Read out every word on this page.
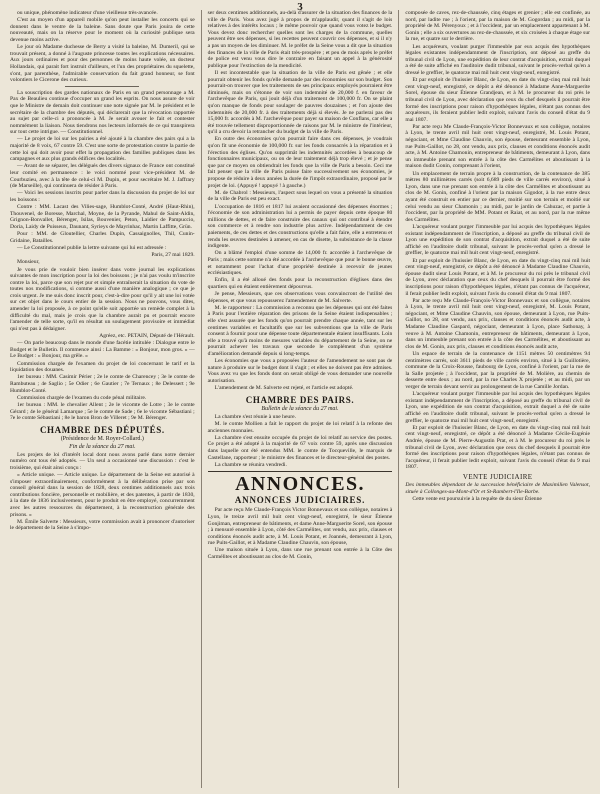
3

ou unique, phénomène indicateur d'une vieillesse très-avancée.

C'est au moyen d'un appareil mobile qu'on peut installer les concerts qui se donnent dans le ventre de la baleine. Sans doute que Paris jouira de cette nouveauté, mais on la réserve pour le moment où la curiosité publique sera devenue moins active.

Le jour où Madame duchesse de Berry a visité la baleine, M. Dumeril, qui se trouvait présent, a donné à l'auguste princesse toutes les explications nécessaires. Aux jours ordinaires et pour des personnes de moins haute volée, un docteur Hollandais, qui parait fort instruit d'ailleurs, et l'un des propriétaires du squelette, s'ont, par parenthèse, l'admirable conservation du fait grand honneur, se font volontiers le Cicerone des curieux.

La souscription des gardes nationaux de Paris en un grand personnage a M. Pax de Beaulieu continue d'occuper un grand les esprits. On nous assure de voir que le Ministre de demain doit continuer une note signée par M. le président et le secrétaire de la chambre des députés, qui déclarerait que la révocation rapportée au sujet par celle-ci a prononcée à M. Je serait avouer le fait et contester nommément la liaison. Nous tiendrons nos lecteurs informés de ce qui transpirera sur tout cette intrigue. — Constitutionnel.

— Le projet de loi sur les pairies a été ajouté à la chambre des pairs qui a la majorité de 8 voix, 67 contre 59. C'est une sorte de protestation contre la partie de cette loi qui doit avoir pour effet la propagation des familles publiques dans les campagnes et aux plus grands édifices des localités.

— Avant de se séparer, les délégués des divers signaux de France ont constitué leur comité en permanence : le voici nommé pour vice-président M. de Courbuzieu, avec à la tête de celui-ci M. Dupin, et pour secrétaire M. J. Jaffrary (de Marseille), qui continuera de résider à Paris.

— Voici les sessions inscrits pour parler dans la discussion du projet de loi sur les boissons :

Contre : MM. Lacast des Vilies-sage, Humblot-Conté, André (Haut-Rhin), Thouvenel, de Boresse, Marchal, Moyne, de la Pyrande, Mahul de Saint-Aldin, Grignon-Bonvallet, Bérenger, Isilas, Bouvenier, Peton, Laidier de Pampuccio, Doria, Laidy de Puisseux, Daunant, Syrieys de Mayrinhac, Martin Laffitte, Grün.

Pour : MM. de Gloutellier, Charles Dupin, Cassaignolles, Thil, Cunin-Gridaine, Batailles.

— Le Constitutionnel publie la lettre suivante qui lui est adressée :

Paris, 27 mai 1829.

Monsieur,

Je vous prie de vouloir bien insérer dans votre journal les explications suivantes de mon inscription pour la loi des boissons ; je n'ai pas voulu m'inscrire contre la loi, parce que son rejet pur et simple entraînerait la situation du vote de toutes nos modifications, si comme aussi d'une manière analogique ; ce que je crois urgent. Je me suis donc inscrit pour, c'est-à-dire pour qu'il y ait une loi votée sur cet objet dans le cours entier de la session. Nous ne pouvons, vous dites, amender la loi proposée, à ce point qu'elle soit apportée un remède complet à la difficulté du mal, mais je crois que la chambre aurait pu et pourrait encore l'amender de telle sorte, qu'il en résultat un soulagement provisoire et immédiat qui n'est pas à dédaigner.

Agréez, etc. PETAIN, Député de l'Hérault.

— On parle beaucoup dans le monde d'une facétie intitulée : Dialogue entre le Budget et le Bulletin. Il commence ainsi : La Bamme : « Bonjour, mon gros. » — Le Budget : « Bonjour, ma grêle. »

Commission chargée de l'examen du projet de loi concernant le tarif et la liquidation des douanes.

1er bureau : MM. Casimir Périer ; 2e le comte de Charencey ; 3e le comte de Rambuteau ; 4e Saglio ; 5e Odier ; 6e Gautier ; 7e Ternaux ; 8e Delessert ; 9e Humblot-Conté.

Commission chargée de l'examen du code pénal militaire.

1er bureau : MM. le chevalier Allent ; 2e le vicomte de Lotre ; 3e le comte Gérard ; 4e le général Lamarque ; 5e le comte de Sade ; 6e le vicomte Sébastiani ; 7e le comte Sébastiani ; 8e le baron Bron de Villeret ; 9e M. Bérenger.

CHAMBRE DES DÉPUTÉS.
(Présidence de M. Royer-Collard.)
Fin de la séance du 27 mai.

Les projets de loi d'intérêt local dont nous avons parlé dans notre dernier numéro ont tous été adoptés. — Un seul a occasionné une discussion : c'est le troisième, qui était ainsi conçu :

« Article unique. — Article unique. Le département de la Seine est autorisé à s'imposer extraordinairement, conformément à la délibération prise par son conseil général dans la session de 1828, deux centimes additionnels aux trois contributions foncière, personnelle et mobilière, et des patentes, à partir de 1830, à la date de 1836 inclusivement, pour le produit en être employé, concurremment avec les autres ressources du département, à la reconstruction générale des prisons. »

M. Émile Salverte : Messieurs, votre commission avait à prononcer d'autoriser le département de la Seine à s'impo-

ser deux centimes additionnels, au-delà d'assurer de la situation des finances de la ville de Paris. Vous avez jugé à propos de m'applaudir, quant il s'agit de lois relatives à des intérêts locaux ; le même pouvoir que quand vous votez le budget. Vous devez donc rechercher quelles sont les charges de la commune, quelles peuvent être ses dépenses, si les recettes peuvent couvrir ces dépenses, et si il n'y a pas un moyen de les diminuer. M. le préfet de la Seine vous a dit que la situation des finances de la ville de Paris était très-prospère ; et peu de mois après le préfet de police est venu vous dire le contraire en faisant un appel à la générosité publique pour l'extinction de la mendicité.

Il est incontestable que la situation de la ville de Paris est gênée ; et elle pourrait obtenir les fonds qu'elle demande par des économies sur son budget. Son pourrait-on trouver que les traitements de ses principaux employés pourraient être diminués, mais on s'étonne de voir son indemnité de 20,000 f. en faveur de l'archevêque de Paris, qui jouit déjà d'un traitement de 100,000 fr. On se plaint qu'on manque de fonds pour soulager de pauvres douzaines ; et l'on ajoute des indemnités de 20,000 fr. à des traitements déjà si élevés. Je ne parlerai pas des 15,000 fr. accordés à M. l'archevêque pour payer sa maison de Conflans, car elle a été trouvée tellement disproportionnée de raisons par M. le ministre de l'intérieur, qu'il a cru devoir la retrancher du budget de la ville de Paris.

En outre des économies qu'on pourrait faire dans ces dépenses, je voudrais qu'on fit une économie de 100,000 fr. sur les fonds consacrés à la réparation et à l'érection des églises. Qu'on supprimât les indemnités accordées à beaucoup de fonctionnaires municipaux, ou on de leur traitement déjà trop élevé ; et je pense que par ce moyen on obtiendrait les fonds que la ville de Paris a besoin. Ceci me fait penser que la ville de Paris puisse faire successivement ses économies, je propose de réduire à deux années la durée de l'impôt extraordinaire, proposé par le projet de loi. (Appuyé ! appuyé ! à gauche.)

M. de Chabrol : Messieurs, l'aspect sous lequel on vous a présenté la situation de la ville de Paris est peu exact.

L'occupation de 1816 et 1817 lui avaient occasionné des dépenses énormes ; l'économie de son administration lui a permis de payer depuis cette époque 80 millions de dettes, et de faire construire des canaux qui ont contribué à étendre son commerce et à rendre son industrie plus active. Indépendamment de ces paiements, de ces dettes et des constructions qu'elle a fait faire, elle a entretenu et rendu les œuvres destinées à amener, en cas de disette, la subsistance de la classe indigente.

On a blâmé l'emploi d'une somme de 14,000 fr. accordée à l'archevêque de Paris ; mais cette somme n'a été accordée à l'archevêque que pour le bonne œuvre, et notamment pour l'achat d'une propriété destinée à recevoir de jeunes ecclésiastiques.

Enfin, il a été alloué des fonds pour la reconstruction d'églises dans des quartiers qui en étaient entièrement dépourvus.

Je pense, Messieurs, que ces observations vous convaincront de l'utilité des dépenses, et que vous repousserez l'amendement de M. Salverte.

M. le rapporteur : La commission a reconnu que les dépenses qui ont été faites à Paris pour l'entière réparation des prisons de la Seine étaient indispensables ; elle s'est assurée que les fonds qu'on pourrait prendre chaque année, tant sur les centimes variables et facultatifs que sur les subventions que la ville de Paris consent à fournir pour une dépense toute départementale étaient insuffisants. Loin elle a trouvé qu'à moins de mesures variables du département de la Seine, on ne pourrait achever les travaux que seconde le complément d'un système d'amélioration demandé depuis si long-temps.

Les économies que vous a proposées l'auteur de l'amendement ne sont pas de nature à produire sur le budget dont il s'agit ; et elles ne doivent pas être admises. Vous avez vu que les fonds dont on serait obligé de vous demander une nouvelle autorisation.

L'amendement de M. Salverte est rejeté, et l'article est adopté.

CHAMBRE DES PAIRS.
Bulletin de la séance du 27 mai.

La chambre s'est réunie à une heure.

M. le comte Mollien a fait le rapport du projet de loi relatif à la refonte des anciennes monnaies.

La chambre s'est ensuite occupée du projet de loi relatif au service des postes. Ce projet a été adopté à la majorité de 67 voix contre 59, après une discussion dans laquelle ont été entendus MM. le comte de Tocqueville, le marquis de Castellane, rapporteur ; le ministre des finances et le directeur-général des postes.

La chambre se réunira vendredi.

ANNONCES.
ANNONCES JUDICIAIRES.

Par acte reçu Me Claude-François Victor Bonnevaux et son collègue, notaires à Lyon, le treize avril mil huit cent vingt-neuf, enregistré, le sieur Étienne Gonjiman, entrepreneur de bâtiments, et dame Anne-Marguerite Sorel, son épouse ; à mensuré ensemble à Lyon, côté des Carmélites, ont vendu, aux prix, clauses et conditions énoncés audit acte, à M. Louis Potant, et Joannés, demeurant à Lyon, rue Puits-Gaillot, et à Madame Claudine Chauvin, son épouse,

Une maison située à Lyon, dans une rue prenant son entrée à la Côte des Carmélites et aboutissant au clos de M. Gonin,

composée de caves, rez-de-chaussée, cinq étages et grenier ; elle est confinée, au nord, par ladite rue ; à l'orient, par la maison de M. Gogordan ; au midi, par la propriété de M. Pérenyoux ; et à l'occident, par un emplacement appartenant à M. Gonin ; elle a six ouvertures au rez-de-chaussée, et six croisées à chaque étage sur la rue, et quatre sur le derrière.

Les acquéreurs, voulant purger l'immeuble par eux acquis des hypothèques légales existantes indépendamment de l'inscription, ont déposé au greffe du tribunal civil de Lyon, une expédition de leur contrat d'acquisition, extrait duquel a été de suite affiché en l'auditoire dudit tribunal, suivant le procès-verbal qu'en a dressé le greffier, le quatorze mai mil huit cent vingt-neuf, enregistré.

Et par exploit de l'huissier Blanc, de Lyon, en date du vingt-cinq mai mil huit cent vingt-neuf, enregistré, ce dépôt a été dénoncé à Madame Anne-Marguerite Sorel, épouse du sieur Étienne Grandjean, et à M. le procureur du roi près le tribunal civil de Lyon, avec déclaration que ceux du chef desquels il pourrait être formé des inscriptions pour raison d'hypothèques légales, n'étant pas connus des acquéreurs, ils feraient publier ledit exploit, suivant l'avis du conseil d'état du 9 mai 1807.

Par acte reçu Me Claude-François-Victor Bonnevaux et son collègue, notaires à Lyon, le trente avril mil huit cent vingt-neuf, enregistré, M. Louis Potant, négociant, et Mme Claudine Chauvin, son épouse, demeurant ensemble à Lyon, rue Puits-Gaillot, no 28, ont vendu, aux prix, clauses et conditions énoncés audit acte, à M. Antoine Chamonin, entrepreneur de bâtiments, demeurant à Lyon, dans un immeuble prenant son entrée à la côte des Carmélites et aboutissant à la maison dudit Gonin, comprenant à l'orient,

Un emplacement de terrain propre à la construction, de la contenance de 385 mètres 80 millimètres carrés (soit 6,689 pieds de ville carrés environ), situé à Lyon, dans une rue prenant son entrée à la côte des Carmélites et aboutissant au clos de M. Gonin, confiné à l'orient par la maison Gigodot, à la rue entre deux ayant été construit en entier par ce dernier, moitié sur son terrain et moitié sur celui vendu au sieur Chamonin ; au midi, par le jardin de Cahuzac, et partie à l'occident, par la propriété de MM. Potant et Raiat, et au nord, par la rue même des Carmélites.

L'acquéreur voulant purger l'immeuble par lui acquis des hypothèques légales existant indépendamment de l'inscription, a déposé au greffe du tribunal civil de Lyon une expédition de son contrat d'acquisition, extrait duquel a été de suite affiché en l'auditoire dudit tribunal, suivant le procès-verbal qu'en a dressé le greffier, le quatorze mai mil huit cent vingt-neuf, enregistré.

Et par exploit de l'huissier Blanc, de Lyon, en date du vingt-cinq mai mil huit cent vingt-neuf, enregistré, ce dépôt a été dénoncé à Madame Claudine Chauvin, épouse dudit sieur Louis Potant, et à M. le procureur du roi près le tribunal civil de Lyon, avec déclaration que ceux du chef desquels il pourrait être formé des inscriptions pour raison d'hypothèques légales, n'étant pas connus de l'acquéreur, il ferait publier ledit exploit, suivant l'avis du conseil d'état du 9 mai 1807.

Par acte reçu Me Claude-François-Victor Bonnevaux et son collègue, notaires à Lyon, le trente avril mil huit cent vingt-neuf, enregistré, M. Louis Potant, négociant, et Mme Claudine Chauvin, son épouse, demeurant à Lyon, rue Puits-Gaillot, no 28, ont vendu, aux prix, clauses et conditions énoncés audit acte, à Madame Claudine Gaspard, négociant, demeurant à Lyon, place Sathonay, à veuve à M. Antoine Chamonin, entrepreneur de bâtiments, demeurant à Lyon, dans un immeuble prenant son entrée à la côte des Carmélites, et aboutissant au clos de M. Gonin, aux prix, clauses et conditions énoncés audit acte,

Un espace de terrain de la contenance de 1151 mètres 50 centimètres 94 centimètres carrés, soit 3611 pieds de ville carrés environ, situé à la Guillotière, commune de la Croix-Rousse, faubourg de Lyon, confiné à l'orient, par la rue de la Salle projetée ; à l'occident, par la propriété de M. Molière, au chemin de desserte entre deux ; au nord, par la rue Charles X projetée ; et au midi, par un verger de terrain devant servir au prolongement de la rue Camille Jordan.

L'acquéreur voulant purger l'immeuble par lui acquis des hypothèques légales existant indépendamment de l'inscription, a déposé au greffe du tribunal civil de Lyon, une expédition de son contrat d'acquisition, extrait duquel a été de suite affiché en l'auditoire dudit tribunal, suivant le procès-verbal qu'en a dressé le greffier, le quatorze mai mil huit cent vingt-neuf, enregistré.

Et par exploit de l'huissier Blanc, de Lyon, en date du vingt-cinq mai mil huit cent vingt-neuf, enregistré, ce dépôt a été dénoncé à Madame Cécile-Eugénie Andrée, épouse de M. Pierre-Augustin Prat, et à M. le procureur du roi près le tribunal civil de Lyon, avec déclaration que ceux du chef desquels il pourrait être formé des inscriptions pour raison d'hypothèques légales, n'étant pas connus de l'acquéreur, il ferait publier ledit exploit, suivant l'avis du conseil d'état du 9 mai 1807.

VENTE JUDICIAIRE
Des immeubles dépendant de la succession bénéficiaire de Maximilien Valensot, située à Collonges-au-Mont-d'Or et St-Rambert-l'Ile-Barbe.

Cette vente est poursuivie à la requête de du sieur Étienne
